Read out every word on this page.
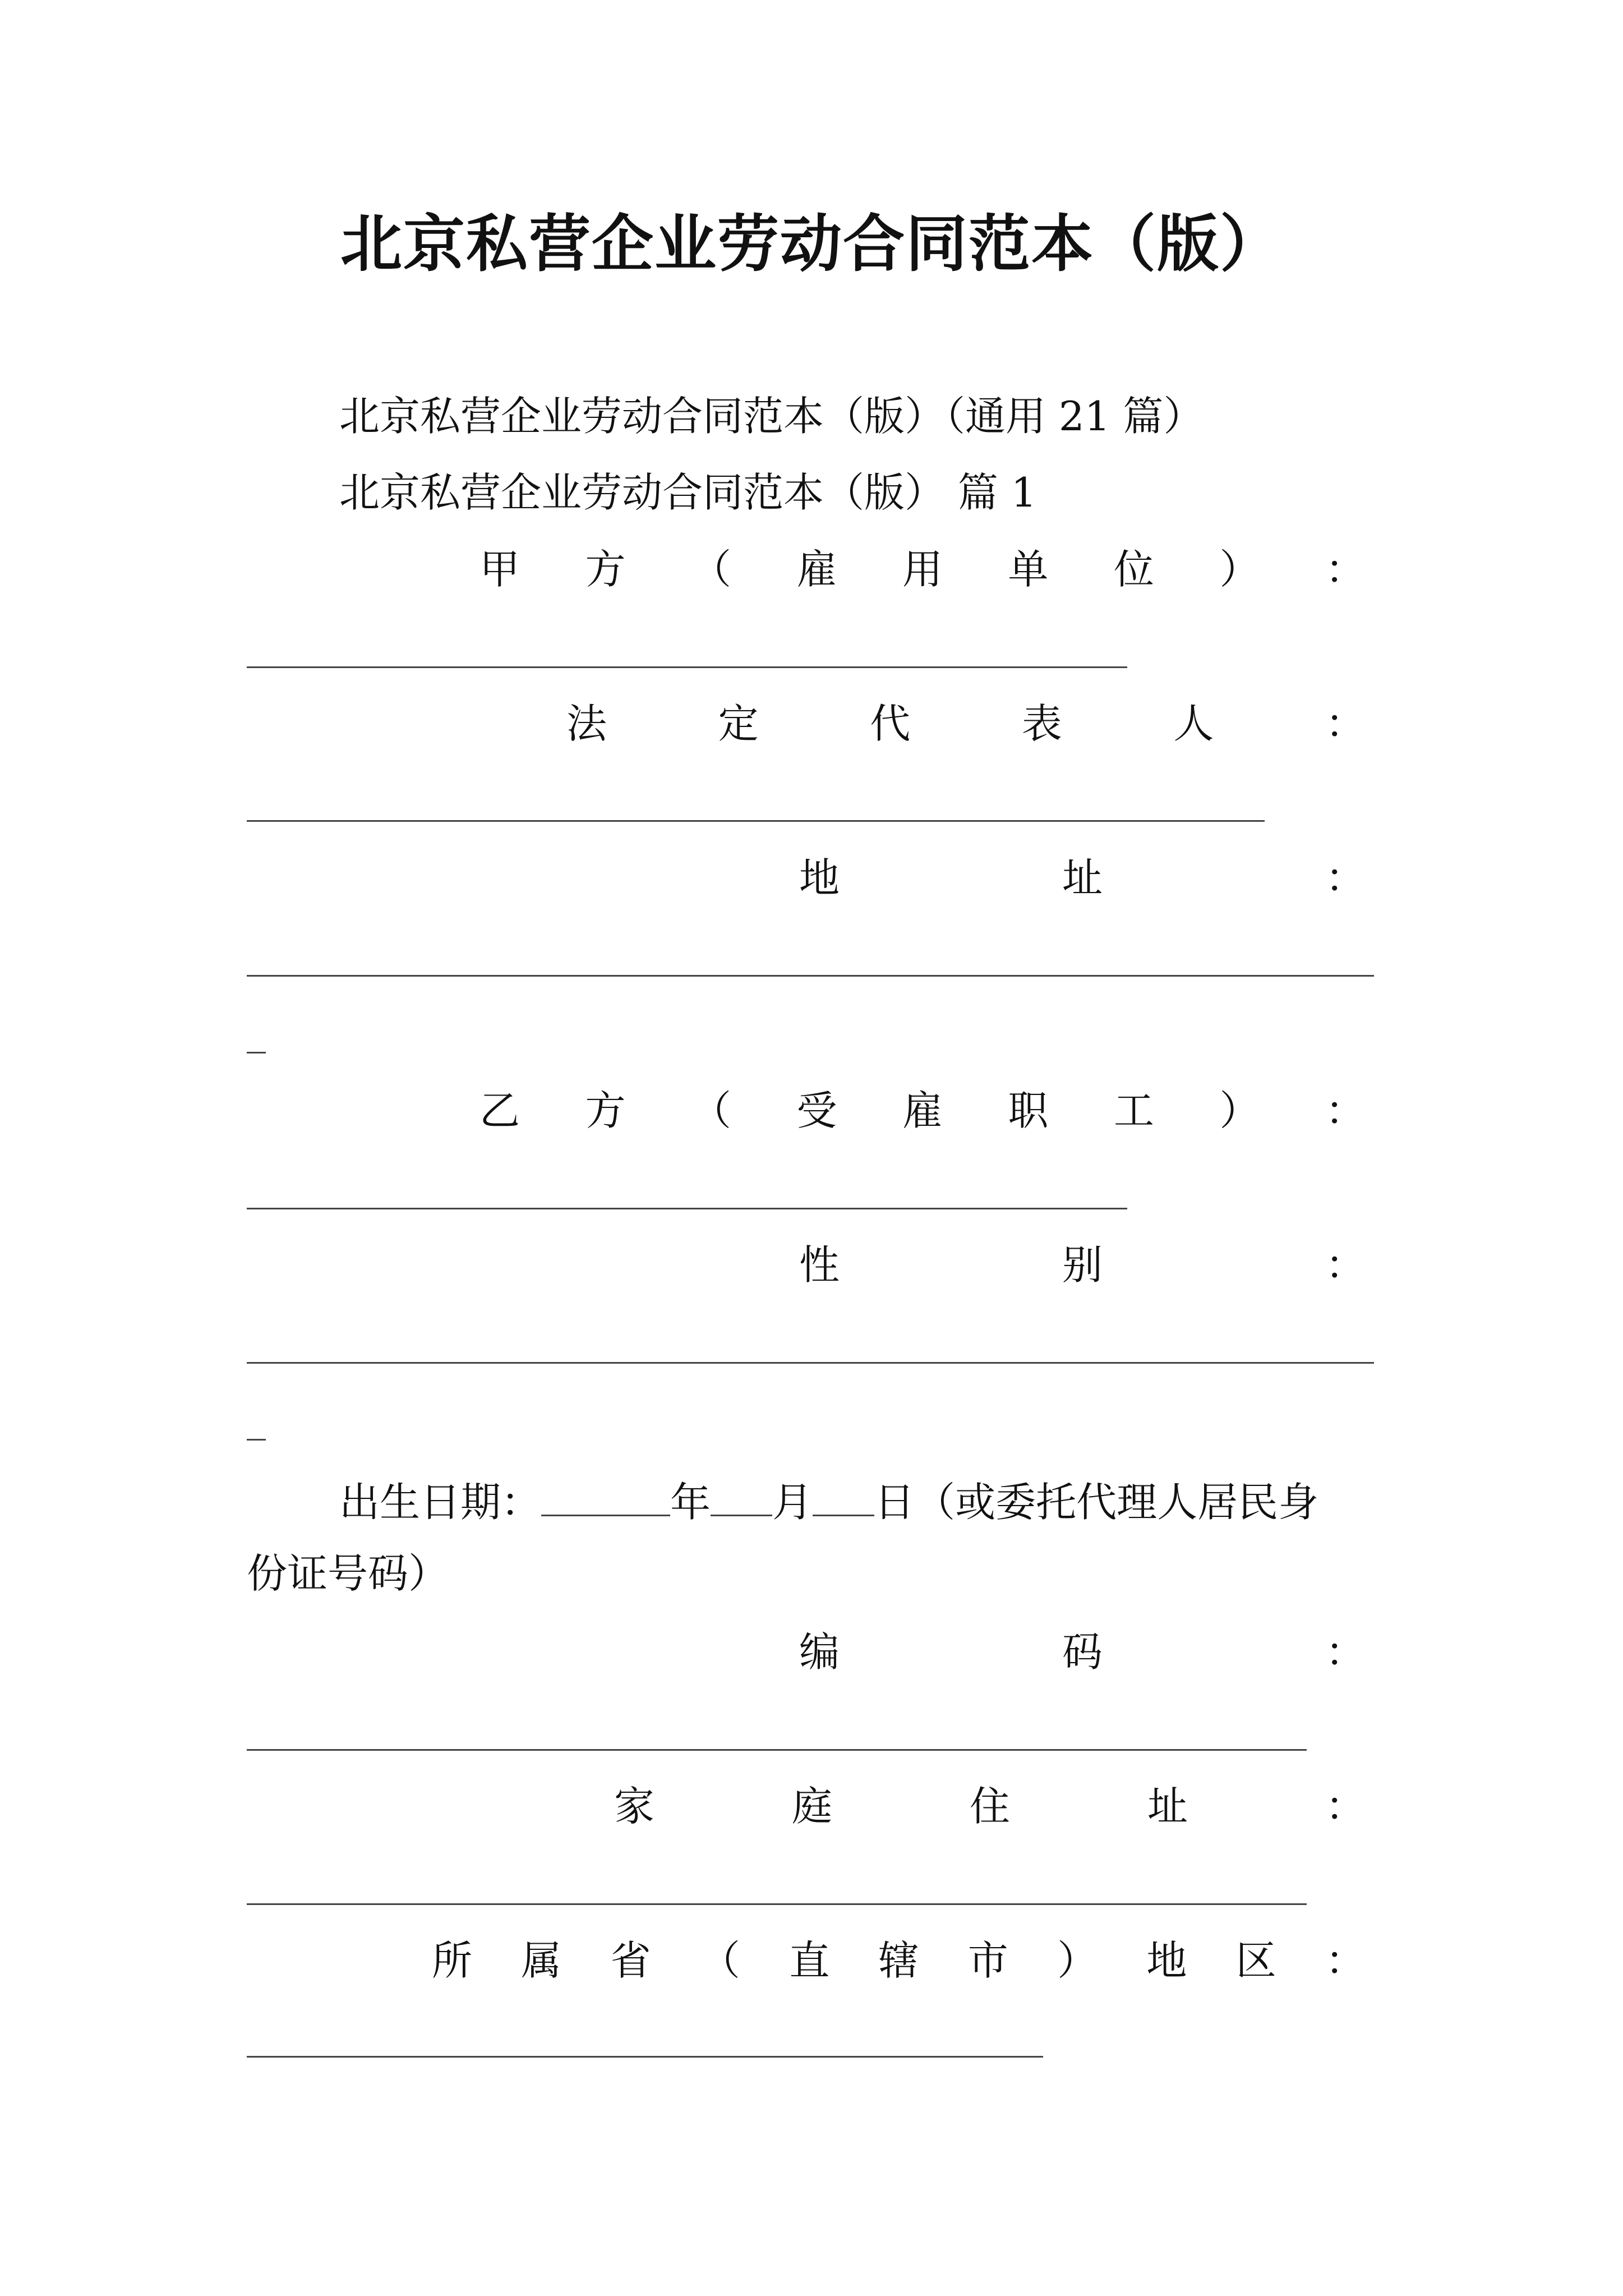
北京私营企业劳动合同范本（版）
北京私营企业劳动合同范本（版）（通用 21 篇）
北京私营企业劳动合同范本（版） 篇 1
甲 方 （ 雇 用 单 位 ） ：
法	定	代	表	人	：
地	址	：
乙 方 （ 受 雇 职 工 ） ：
性	别	：
出生日期：	年 月 日（或委托代理人居民身
份证号码）
编	码	：
家	庭	住	址	：
所 属 省 （ 直 辖 市 ） 地 区 ：
